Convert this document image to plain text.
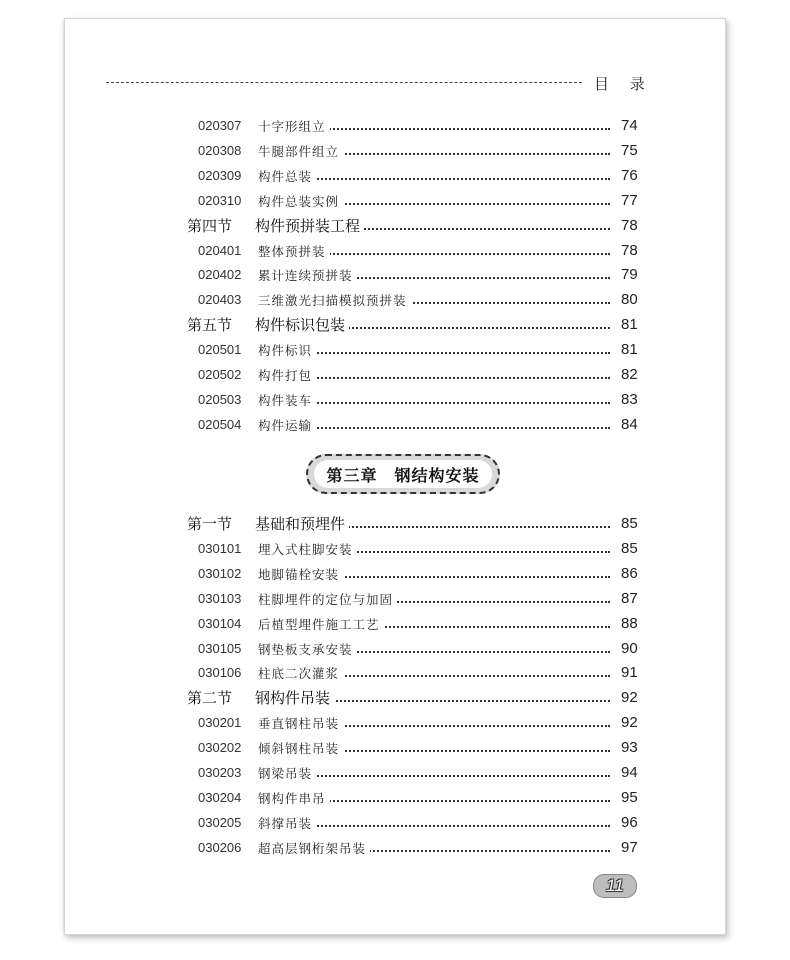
目 录
020307 十字形组立	74
020308 牛腿部件组立	75
020309 构件总装	76
020310 构件总装实例	77
第四节 构件预拼装工程	78
020401 整体预拼装	78
020402 累计连续预拼装	79
020403 三维激光扫描模拟预拼装	80
第五节 构件标识包装	81
020501 构件标识	81
020502 构件打包	82
020503 构件装车	83
020504 构件运输	84
第三章　钢结构安装
第一节 基础和预埋件	85
030101 埋入式柱脚安装	85
030102 地脚锚栓安装	86
030103 柱脚埋件的定位与加固	87
030104 后植型埋件施工工艺	88
030105 钢垫板支承安装	90
030106 柱底二次灌浆	91
第二节 钢构件吊装	92
030201 垂直钢柱吊装	92
030202 倾斜钢柱吊装	93
030203 钢梁吊装	94
030204 钢构件串吊	95
030205 斜撑吊装	96
030206 超高层钢桁架吊装	97
11
